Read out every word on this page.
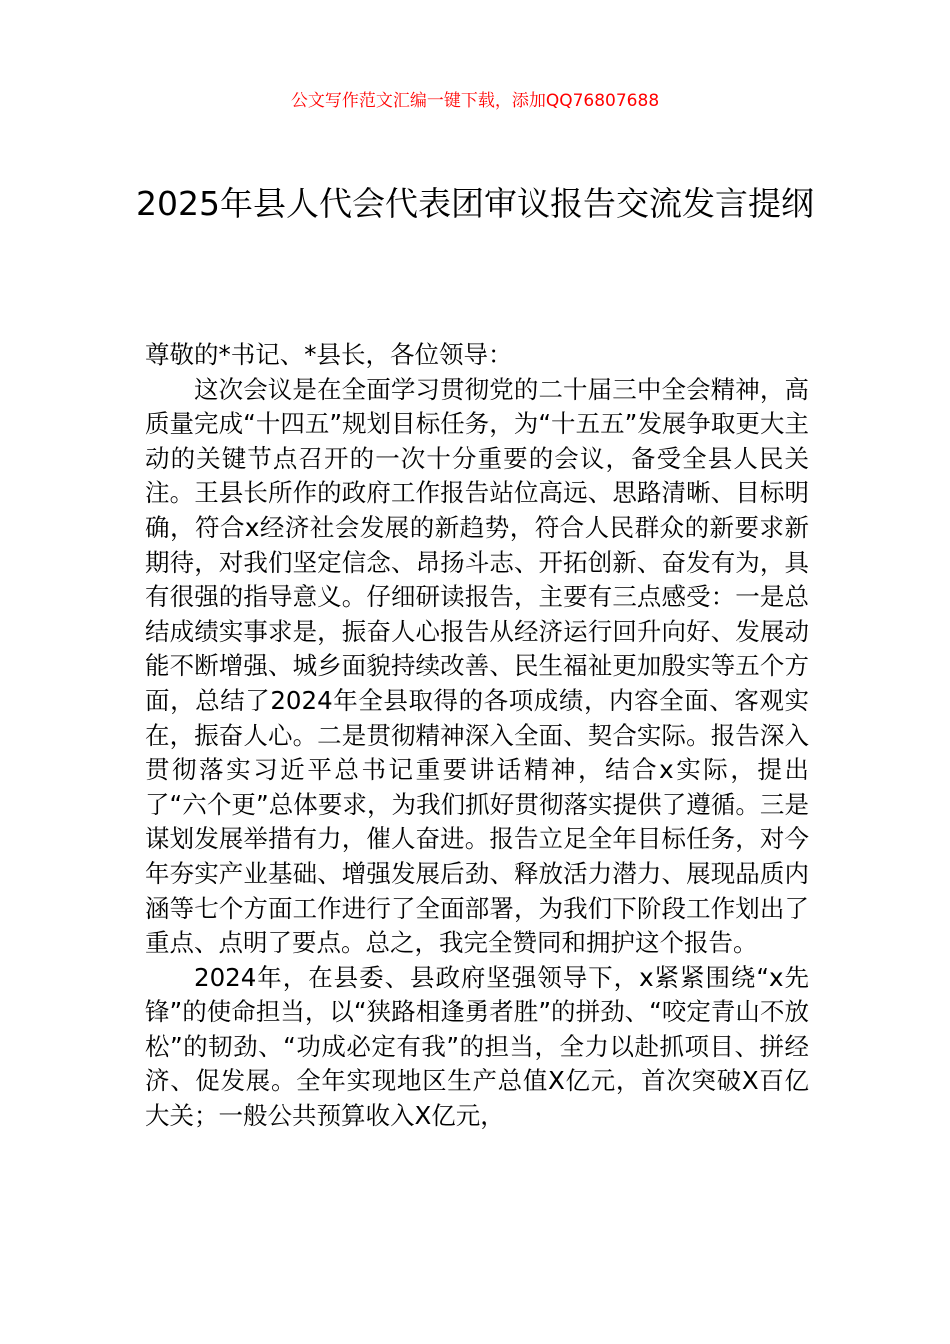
公文写作范文汇编一键下载，添加QQ76807688
2025年县人代会代表团审议报告交流发言提纲

尊敬的*书记、*县长，各位领导：

这次会议是在全面学习贯彻党的二十届三中全会精神，高质量完成“十四五”规划目标任务，为“十五五”发展争取更大主动的关键节点召开的一次十分重要的会议，备受全县人民关注。王县长所作的政府工作报告站位高远、思路清晰、目标明确，符合x经济社会发展的新趋势，符合人民群众的新要求新期待，对我们坚定信念、昂扬斗志、开拓创新、奋发有为，具有很强的指导意义。仔细研读报告，主要有三点感受：一是总结成绩实事求是，振奋人心报告从经济运行回升向好、发展动能不断增强、城乡面貌持续改善、民生福祉更加殷实等五个方面，总结了2024年全县取得的各项成绩，内容全面、客观实在，振奋人心。二是贯彻精神深入全面、契合实际。报告深入贯彻落实习近平总书记重要讲话精神，结合x实际，提出了“六个更”总体要求，为我们抓好贯彻落实提供了遵循。三是谋划发展举措有力，催人奋进。报告立足全年目标任务，对今年夯实产业基础、增强发展后劲、释放活力潜力、展现品质内涵等七个方面工作进行了全面部署，为我们下阶段工作划出了重点、点明了要点。总之，我完全赞同和拥护这个报告。

2024年，在县委、县政府坚强领导下，x紧紧围绕“x先锋”的使命担当，以“狭路相逢勇者胜”的拼劲、“咬定青山不放松”的韧劲、“功成必定有我”的担当，全力以赴抓项目、拼经济、促发展。全年实现地区生产总值X亿元，首次突破X百亿大关；一般公共预算收入X亿元，
